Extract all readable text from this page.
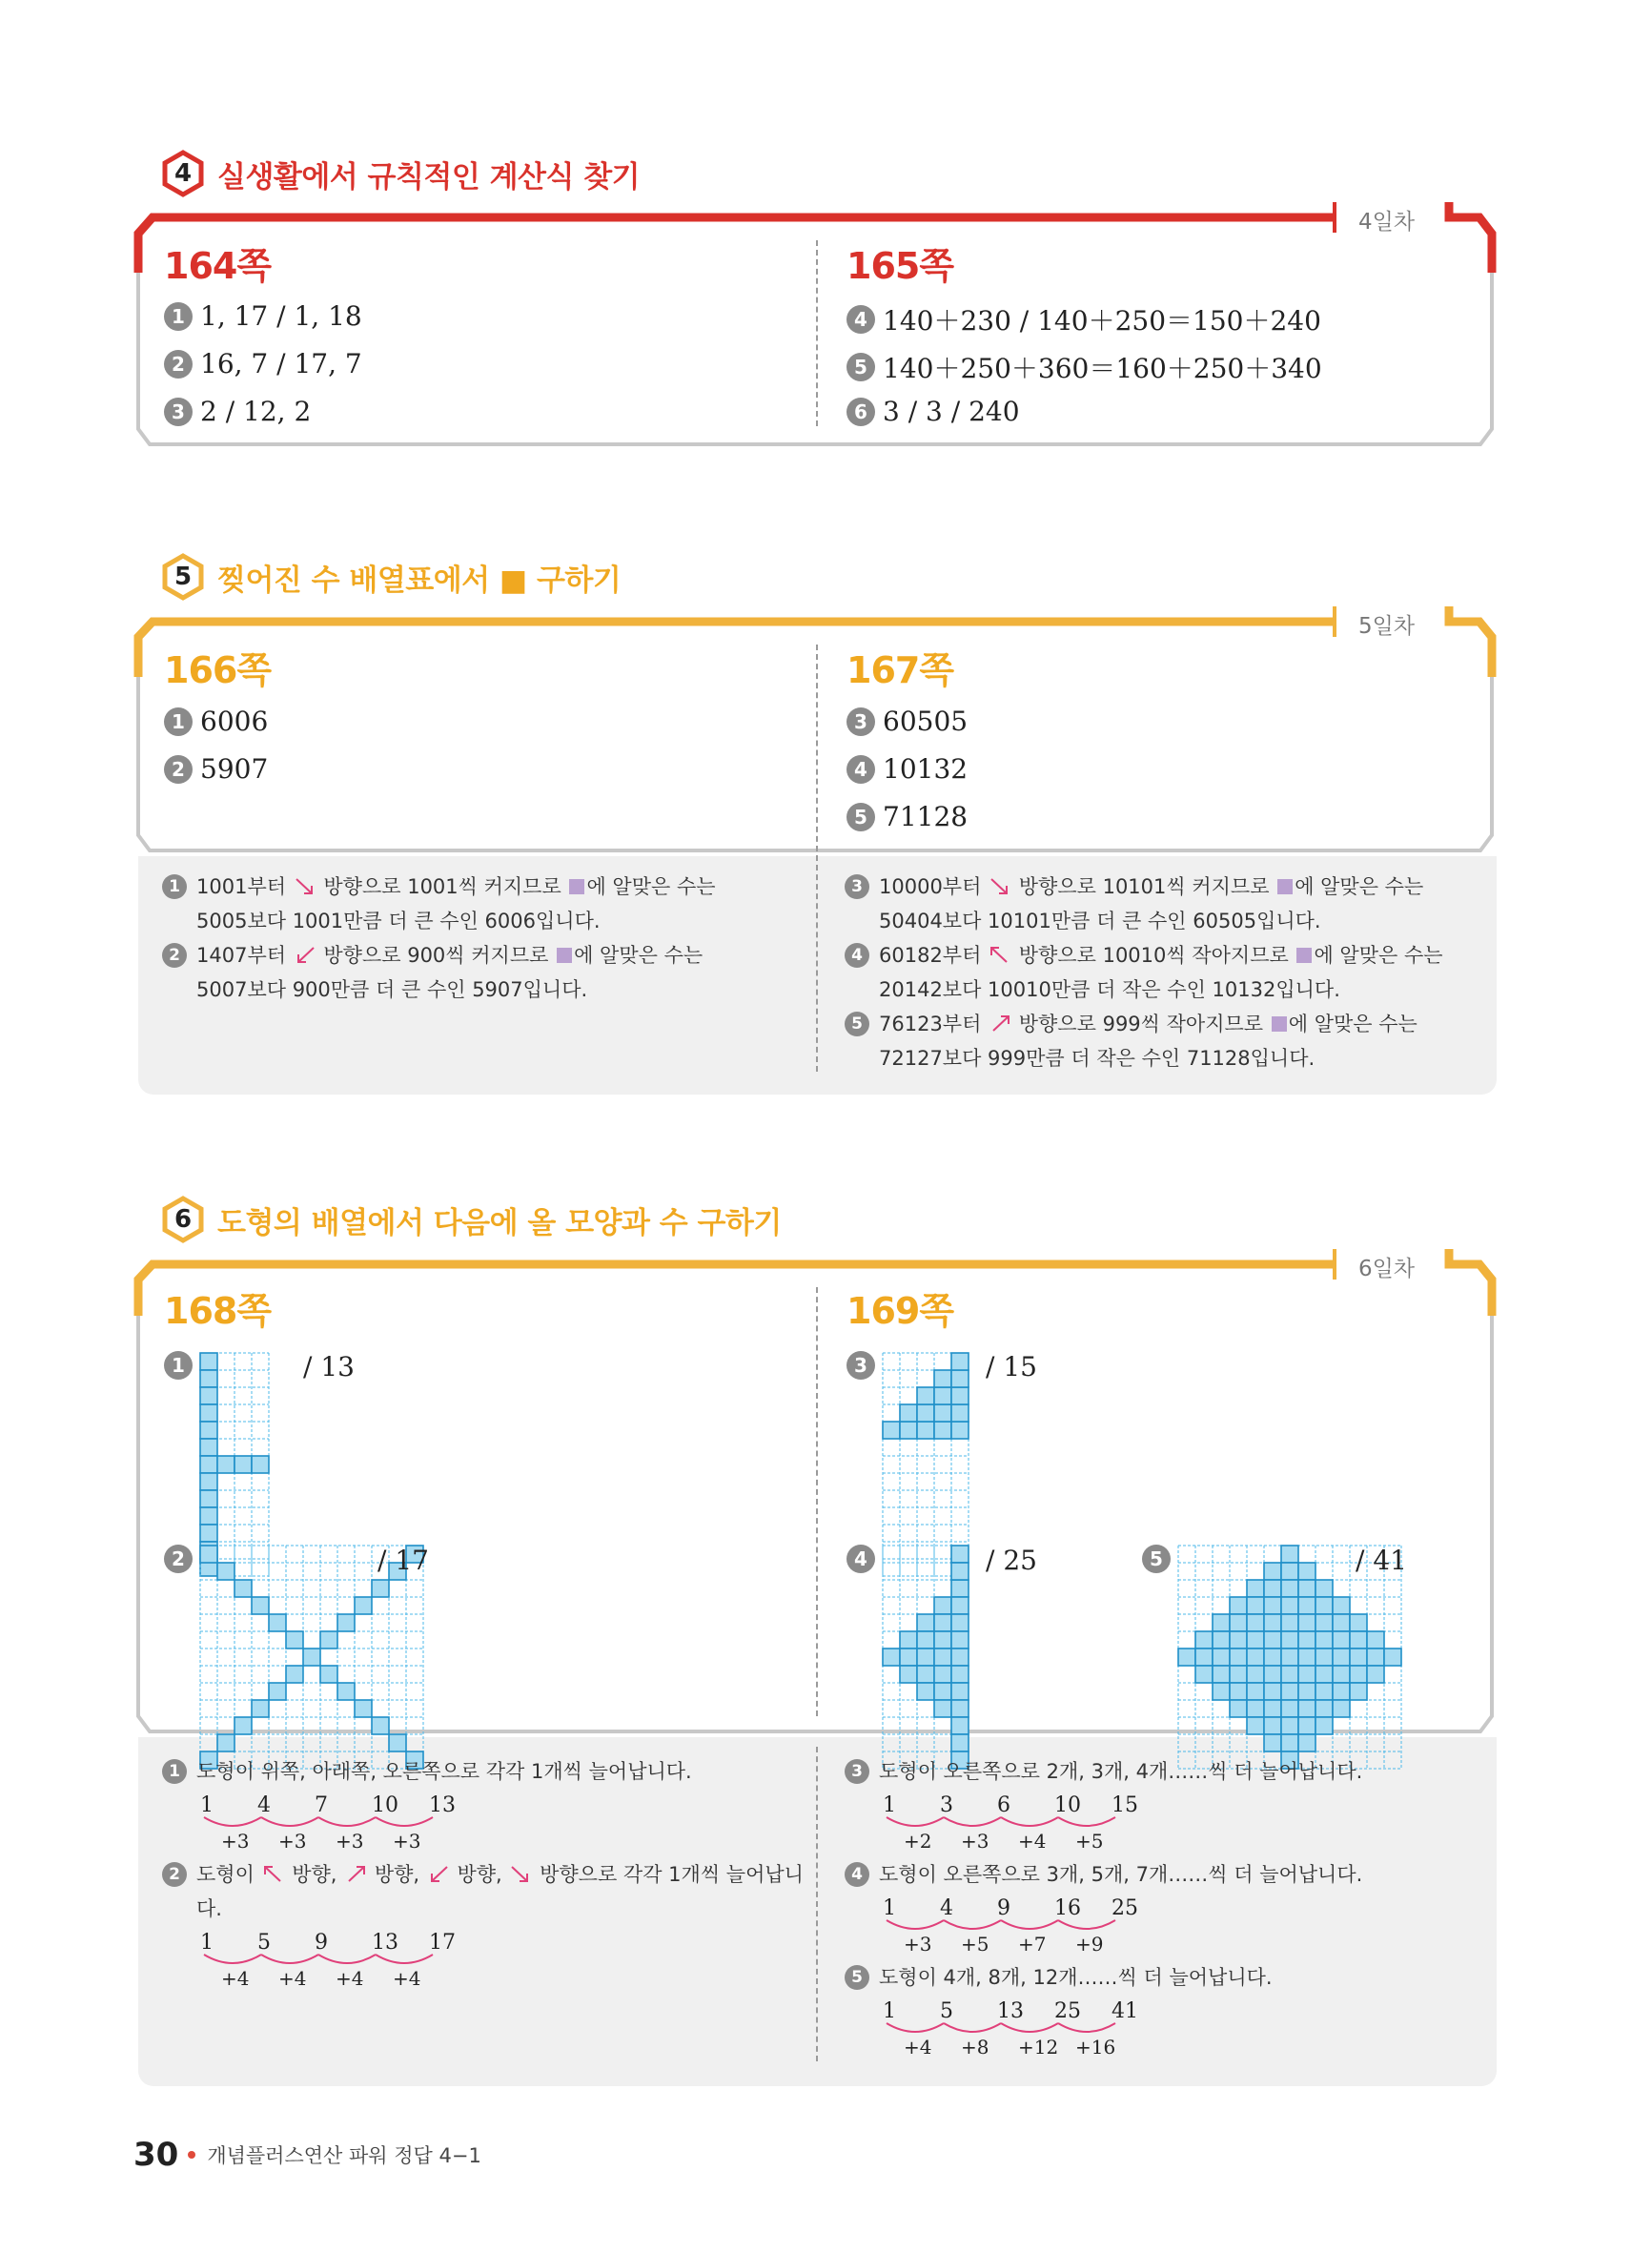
4 실생활에서 규칙적인 계산식 찾기
4일차
164쪽	165쪽
1 1, 17 / 1, 18
2 16, 7 / 17, 7
3 2 / 12, 2
4 140＋230 / 140＋250＝150＋240
5 140＋250＋360＝160＋250＋340
6 3 / 3 / 240
5 찢어진 수 배열표에서 ■ 구하기
5일차
166쪽	167쪽
1 6006
2 5907
3 60505
4 10132
5 71128
1 1001부터 방향으로 1001씩 커지므로 에 알맞은 수는
5005보다 1001만큼 더 큰 수인 6006입니다.
2 1407부터 방향으로 900씩 커지므로 에 알맞은 수는
5007보다 900만큼 더 큰 수인 5907입니다.
3 10000부터 방향으로 10101씩 커지므로 에 알맞은 수는
50404보다 10101만큼 더 큰 수인 60505입니다.
4 60182부터 방향으로 10010씩 작아지므로 에 알맞은 수는
20142보다 10010만큼 더 작은 수인 10132입니다.
5 76123부터 방향으로 999씩 작아지므로 에 알맞은 수는
72127보다 999만큼 더 작은 수인 71128입니다.
6 도형의 배열에서 다음에 올 모양과 수 구하기
6일차
168쪽	169쪽
1	/ 13
2	/ 17
3	/ 15
4	/ 25	5	/ 41
1 도형이 위쪽, 아래쪽, 오른쪽으로 각각 1개씩 늘어납니다.
1 4 7 10 13
+3 +3 +3 +3
2 도형이 방향, 방향, 방향, 방향으로 각각 1개씩 늘어납니
다.
1 5 9 13 17
+4 +4 +4 +4
3 도형이 오른쪽으로 2개, 3개, 4개……씩 더 늘어납니다.
1 3 6 10 15
+2 +3 +4 +5
4 도형이 오른쪽으로 3개, 5개, 7개……씩 더 늘어납니다.
1 4 9 16 25
+3 +5 +7 +9
5 도형이 4개, 8개, 12개……씩 더 늘어납니다.
1 5 13 25 41
+4 +8 +12 +16
30 개념플러스연산 파워 정답 4−1
